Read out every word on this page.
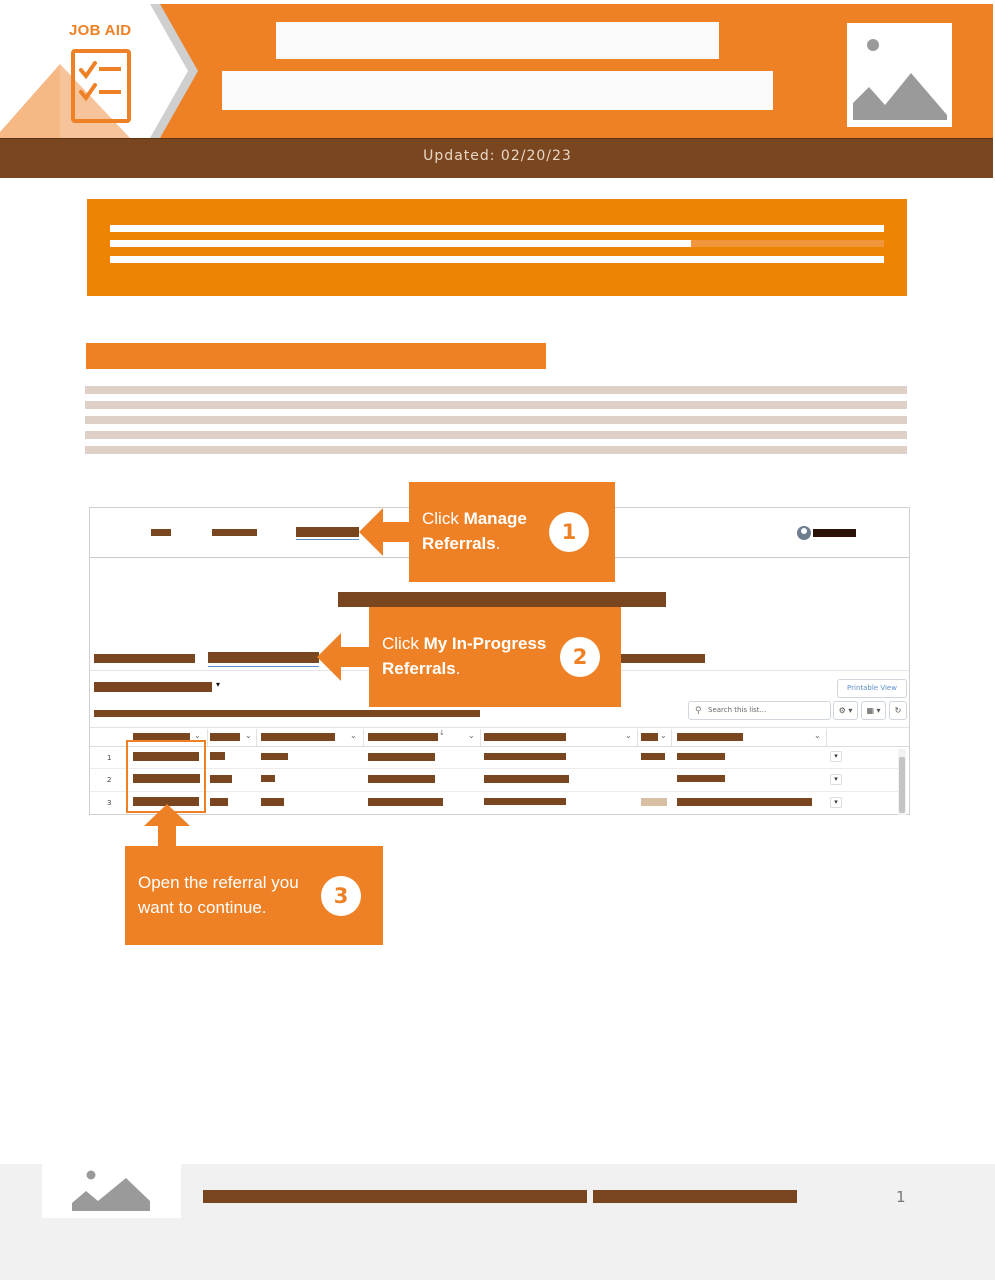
JOB AID
Updated: 02/20/23
▾	Printable View
⚲ Search this list...	⚙ ▾	▦ ▾	↻
⌄	⌄	⌄	↓	⌄	⌄	⌄	⌄
1	▾
2	▾
3	▾
Click Manage Referrals.	1
Click My In-Progress Referrals.	2
Open the referral you
want to continue.	3
1
